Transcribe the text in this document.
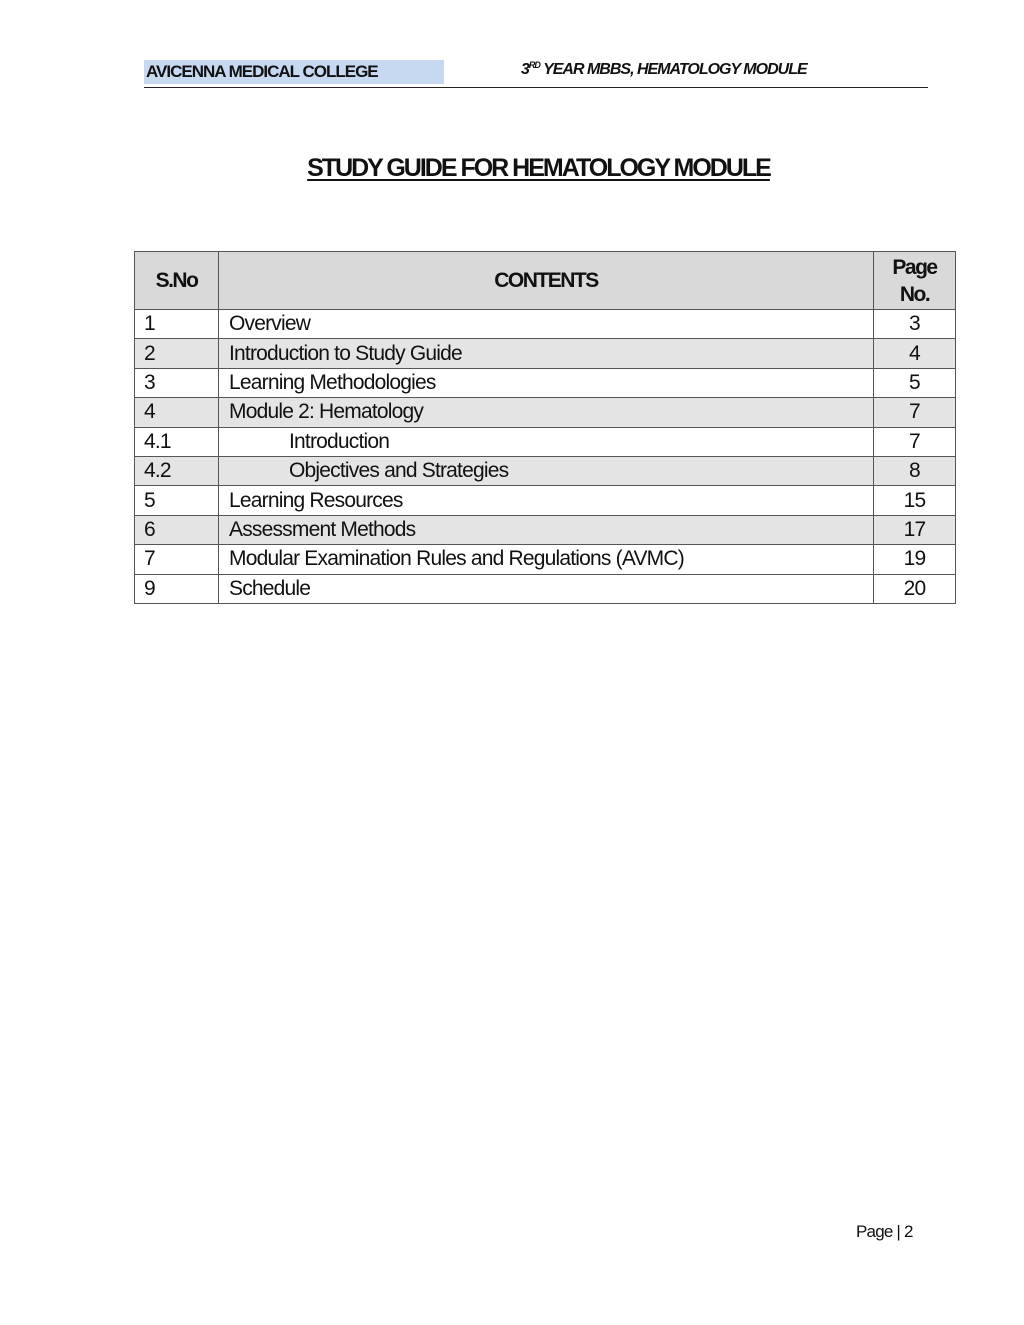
AVICENNA MEDICAL COLLEGE	3RD YEAR MBBS, HEMATOLOGY MODULE
STUDY GUIDE FOR HEMATOLOGY MODULE
S.No	CONTENTS	Page
No.
1	Overview	3
2	Introduction to Study Guide	4
3	Learning Methodologies	5
4	Module 2: Hematology	7
4.1	Introduction	7
4.2	Objectives and Strategies	8
5	Learning Resources	15
6	Assessment Methods	17
7	Modular Examination Rules and Regulations (AVMC)	19
9	Schedule	20
Page | 2
